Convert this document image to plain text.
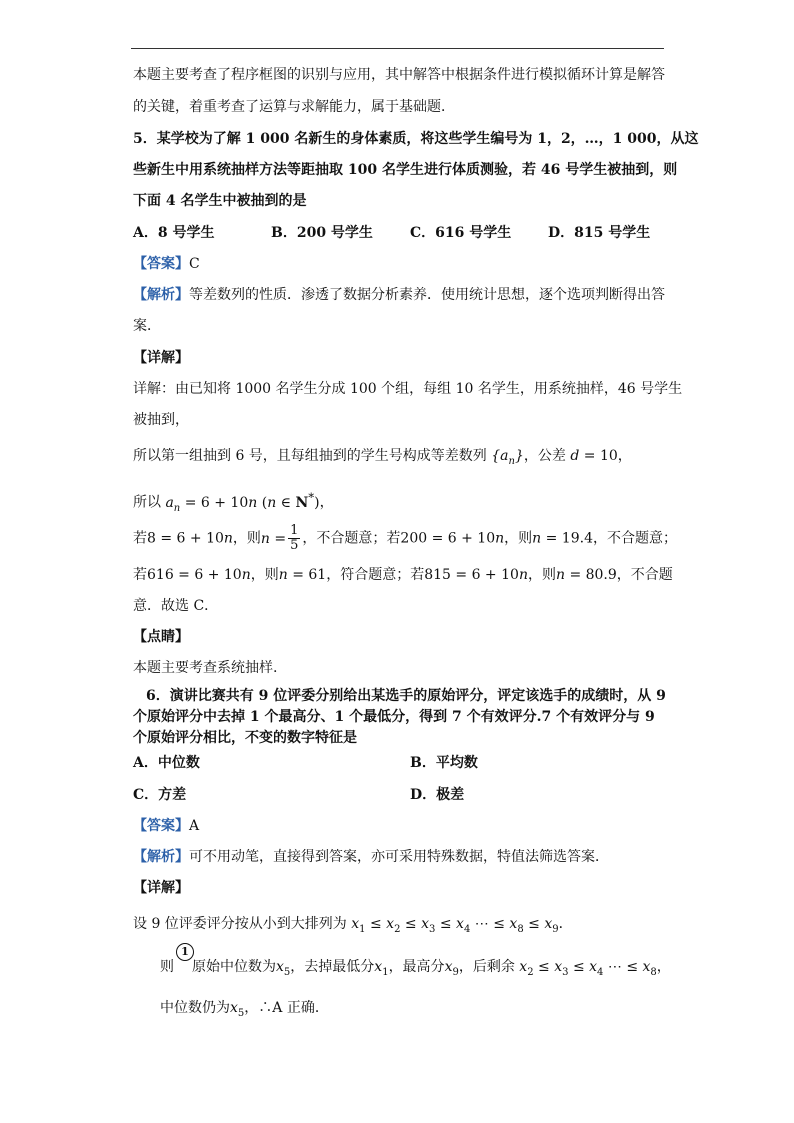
本题主要考查了程序框图的识别与应用，其中解答中根据条件进行模拟循环计算是解答
的关键，着重考查了运算与求解能力，属于基础题．
5．某学校为了解 1 000 名新生的身体素质，将这些学生编号为 1，2，…，1 000，从这
些新生中用系统抽样方法等距抽取 100 名学生进行体质测验，若 46 号学生被抽到，则
下面 4 名学生中被抽到的是
A．8 号学生	B．200 号学生	C．616 号学生	D．815 号学生
【答案】C
【解析】等差数列的性质．渗透了数据分析素养．使用统计思想，逐个选项判断得出答
案．
【详解】
详解：由已知将 1000 名学生分成 100 个组，每组 10 名学生，用系统抽样，46 号学生
被抽到，
所以第一组抽到 6 号，且每组抽到的学生号构成等差数列 $\{a_n\}$，公差 d = 10，
所以 $a_n = 6 + 10n$ (n ∈ N*)，
若8 = 6 + 10n，则$n = \frac{1}{5}$ ，不合题意；若200 = 6 + 10n，则n = 19.4，不合题意；
若616 = 6 + 10n，则n = 61，符合题意；若815 = 6 + 10n，则n = 80.9，不合题
意．故选 C．
【点睛】
本题主要考查系统抽样.
6．演讲比赛共有 9 位评委分别给出某选手的原始评分，评定该选手的成绩时，从 9
个原始评分中去掉 1 个最高分、1 个最低分，得到 7 个有效评分.7 个有效评分与 9
个原始评分相比，不变的数字特征是
A．中位数	B．平均数
C．方差	D．极差
【答案】A
【解析】可不用动笔，直接得到答案，亦可采用特殊数据，特值法筛选答案．
【详解】
设 9 位评委评分按从小到大排列为 $x_1 \le x_2 \le x_3 \le x_4$ ⋯ ≤ $x_8 \le x_9$．
1
则 原始中位数为$x_5$，去掉最低分$x_1$，最高分$x_9$，后剩余 $x_2 \le x_3 \le x_4$ ⋯ ≤ $x_8$，
中位数仍为$x_5$，∴A 正确．
